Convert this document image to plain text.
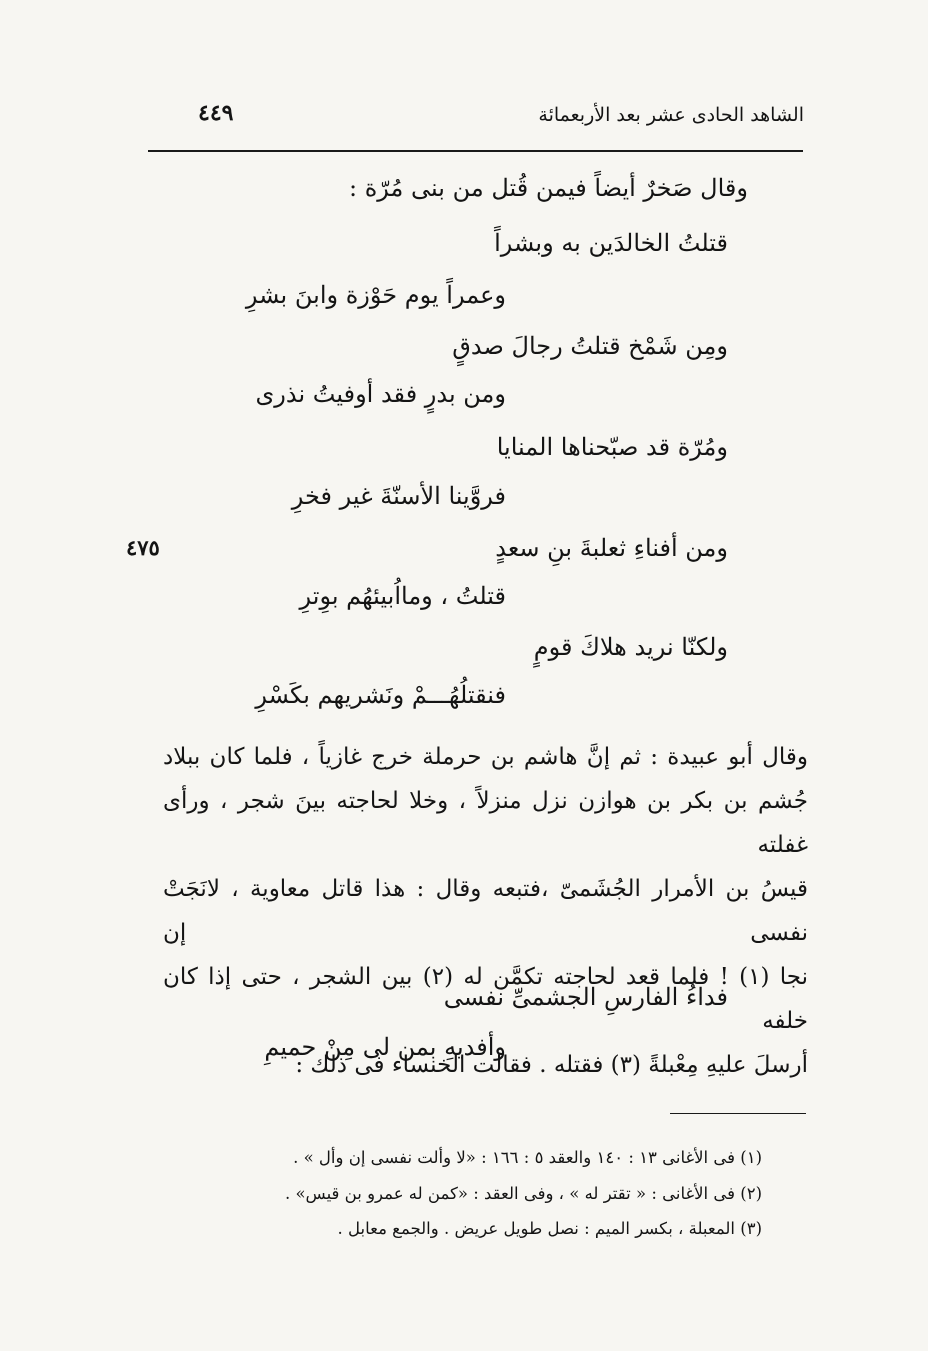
الشاهد الحادى عشر بعد الأربعمائة
٤٤٩
وقال صَخرٌ أيضاً فيمن قُتل من بنى مُرّة :
قتلتُ الخالدَين به وبشراً
وعمراً يوم حَوْزة وابنَ بشرِ
ومِن شَمْخ قتلتُ رجالَ صدقٍ
ومن بدرٍ فقد أوفيتُ نذرى
ومُرّة قد صبّحناها المنايا
فروَّينا الأسنّةَ غير فخرِ
ومن أفناءِ ثعلبةَ بنِ سعدٍ
قتلتُ ، ومااُبيئهُم بوِترِ
ولكنّا نريد هلاكَ قومٍ
فنقتلُهُـــمْ ونَشريهم بكَسْرِ
٤٧٥
وقال أبو عبيدة : ثم إنَّ هاشم بن حرملة خرج غازياً ، فلما كان ببلاد
جُشم بن بكر بن هوازن نزل منزلاً ، وخلا لحاجته بينَ شجر ، ورأى غفلته
قيسُ بن الأمرار الجُشَمىّ ،فتبعه وقال : هذا قاتل معاوية ، لانَجَتْ نفسى إن
نجا (١) ! فلما قعد لحاجته تكمَّن له (٢) بين الشجر ، حتى إذا كان خلفه
أرسلَ عليهِ مِعْبلةً (٣) فقتله . فقالت الخنساء فى ذلك :
فداءُ الفارسِ الجشمىِّ نفسى
وأفديهِ بمن لى مِنْ حميمِ
(١) فى الأغانى ١٣ : ١٤٠ والعقد ٥ : ١٦٦ : «لا وألت نفسى إن وأل » .
(٢) فى الأغانى : « تقتر له » ، وفى العقد : «كمن له عمرو بن قيس» .
(٣) المعبلة ، بكسر الميم : نصل طويل عريض . والجمع معابل .
